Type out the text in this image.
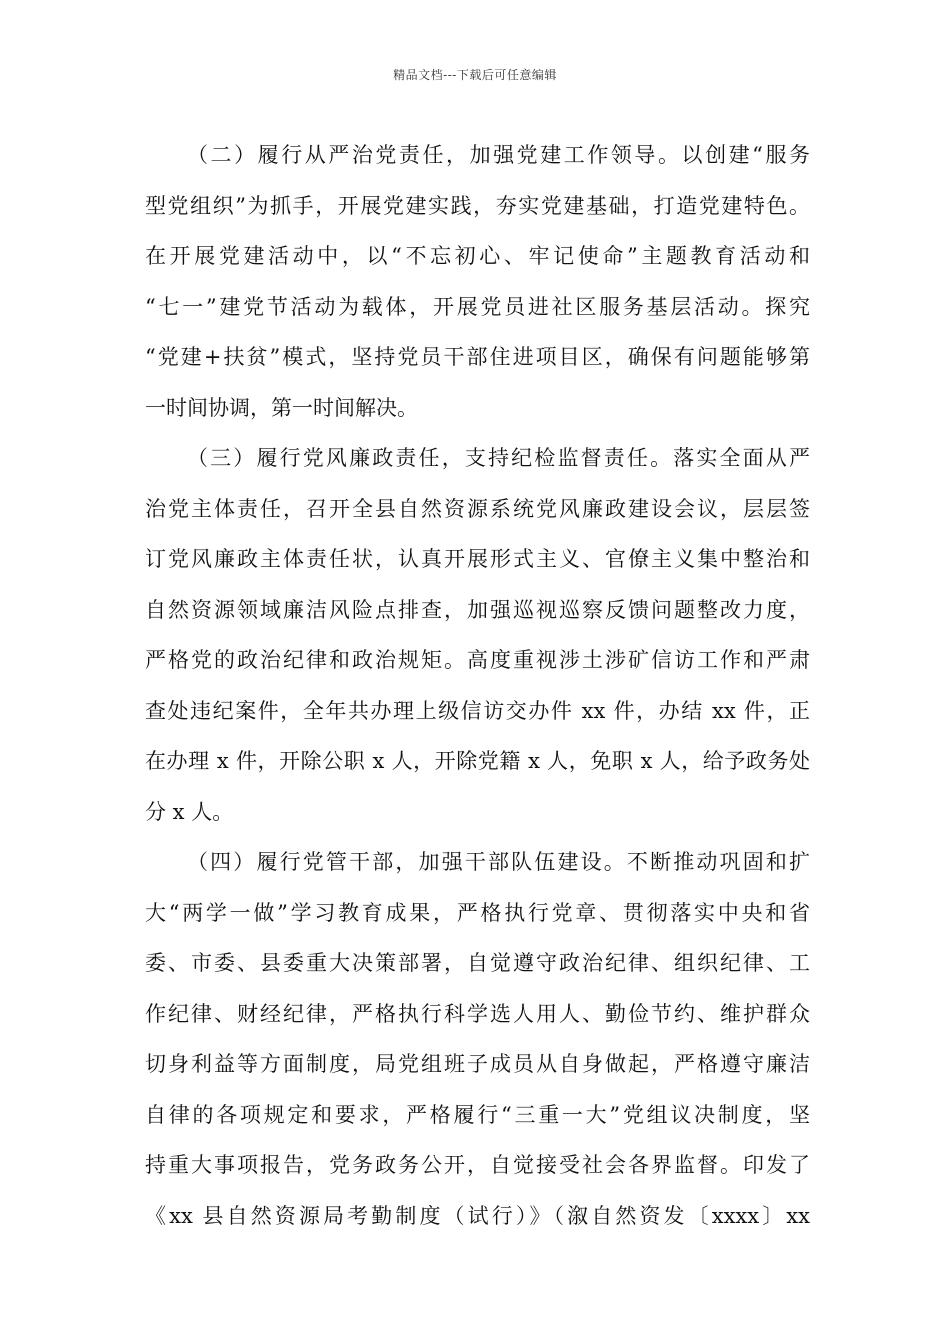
精品文档---下载后可任意编辑
（二）履行从严治党责任，加强党建工作领导。以创建“服务
型党组织”为抓手，开展党建实践，夯实党建基础，打造党建特色。
在开展党建活动中，以“不忘初心、牢记使命”主题教育活动和
“七一”建党节活动为载体，开展党员进社区服务基层活动。探究
“党建+扶贫”模式，坚持党员干部住进项目区，确保有问题能够第
一时间协调，第一时间解决。
（三）履行党风廉政责任，支持纪检监督责任。落实全面从严
治党主体责任，召开全县自然资源系统党风廉政建设会议，层层签
订党风廉政主体责任状，认真开展形式主义、官僚主义集中整治和
自然资源领域廉洁风险点排查，加强巡视巡察反馈问题整改力度，
严格党的政治纪律和政治规矩。高度重视涉土涉矿信访工作和严肃
查处违纪案件，全年共办理上级信访交办件 xx 件，办结 xx 件，正
在办理 x 件，开除公职 x 人，开除党籍 x 人，免职 x 人，给予政务处
分 x 人。
（四）履行党管干部，加强干部队伍建设。不断推动巩固和扩
大“两学一做”学习教育成果，严格执行党章、贯彻落实中央和省
委、市委、县委重大决策部署，自觉遵守政治纪律、组织纪律、工
作纪律、财经纪律，严格执行科学选人用人、勤俭节约、维护群众
切身利益等方面制度，局党组班子成员从自身做起，严格遵守廉洁
自律的各项规定和要求，严格履行“三重一大”党组议决制度，坚
持重大事项报告，党务政务公开，自觉接受社会各界监督。印发了
《xx 县自然资源局考勤制度（试行）》（溆自然资发〔xxxx〕xx
